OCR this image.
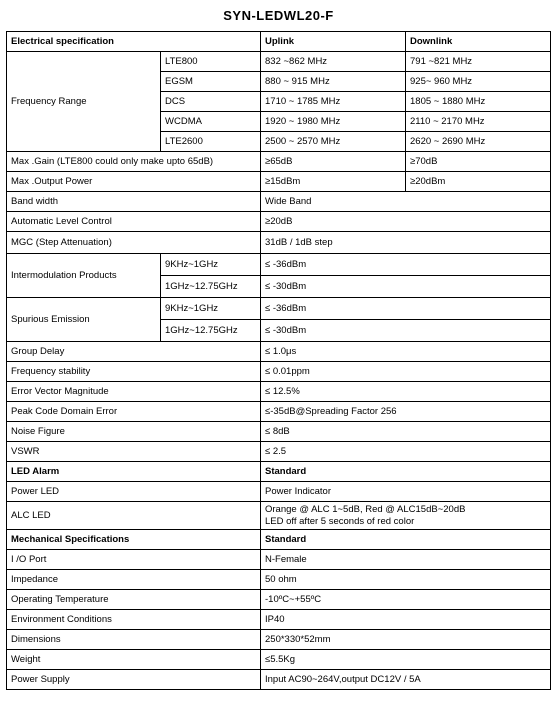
SYN-LEDWL20-F
Electrical specification		Uplink	Downlink
Frequency Range	LTE800	832 ~862 MHz	791 ~821 MHz
	EGSM	880 ~ 915 MHz	925~ 960 MHz
	DCS	1710 ~ 1785 MHz	1805 ~ 1880 MHz
	WCDMA	1920 ~ 1980 MHz	2110 ~ 2170 MHz
	LTE2600	2500 ~ 2570 MHz	2620 ~ 2690 MHz
Max .Gain (LTE800 could only make upto 65dB)		≥65dB	≥70dB
Max .Output Power		≥15dBm	≥20dBm
Band width		Wide Band	
Automatic Level Control		≥20dB	
MGC (Step Attenuation)		31dB / 1dB step	
Intermodulation Products	9KHz~1GHz	≤ -36dBm	
	1GHz~12.75GHz	≤ -30dBm	
Spurious Emission	9KHz~1GHz	≤ -36dBm	
	1GHz~12.75GHz	≤ -30dBm	
Group Delay		≤ 1.0μs	
Frequency stability		≤ 0.01ppm	
Error Vector Magnitude		≤ 12.5%	
Peak Code Domain Error		≤-35dB@Spreading Factor 256	
Noise Figure		≤ 8dB	
VSWR		≤ 2.5	
LED Alarm		Standard	
Power LED		Power Indicator	
ALC LED		Orange @ ALC 1~5dB, Red @ ALC15dB~20dB
LED off after 5 seconds of red color	
Mechanical Specifications		Standard	
I /O Port		N-Female	
Impedance		50 ohm	
Operating Temperature		-10ºC~+55ºC	
Environment Conditions		IP40	
Dimensions		250*330*52mm	
Weight		≤5.5Kg	
Power Supply		Input AC90~264V,output DC12V / 5A	
